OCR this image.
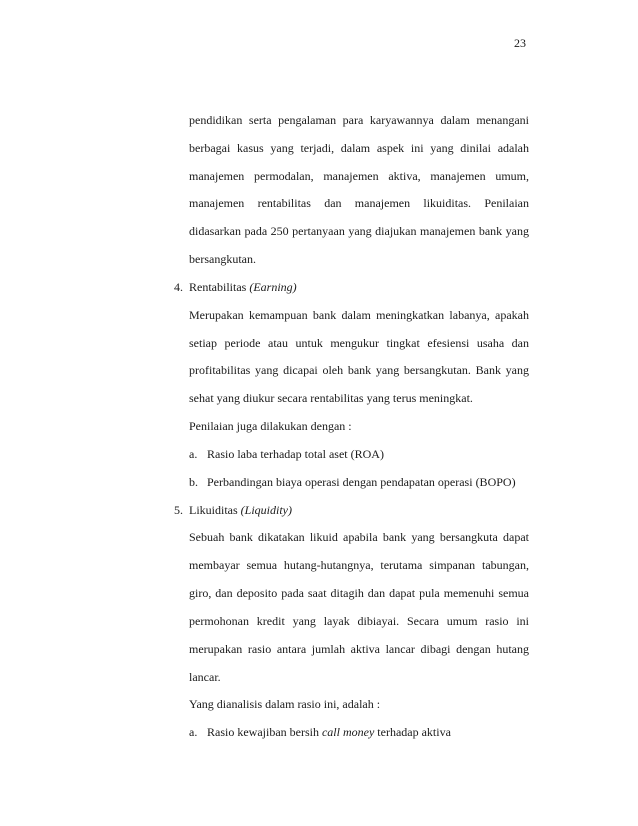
23
pendidikan serta pengalaman para karyawannya dalam menangani
berbagai kasus yang terjadi, dalam aspek ini yang dinilai adalah
manajemen permodalan, manajemen aktiva, manajemen umum,
manajemen rentabilitas dan manajemen likuiditas. Penilaian
didasarkan pada 250 pertanyaan yang diajukan manajemen bank yang
bersangkutan.
4. Rentabilitas (Earning)
Merupakan kemampuan bank dalam meningkatkan labanya, apakah
setiap periode atau untuk mengukur tingkat efesiensi usaha dan
profitabilitas yang dicapai oleh bank yang bersangkutan. Bank yang
sehat yang diukur secara rentabilitas yang terus meningkat.
Penilaian juga dilakukan dengan :
a. Rasio laba terhadap total aset (ROA)
b. Perbandingan biaya operasi dengan pendapatan operasi (BOPO)
5. Likuiditas (Liquidity)
Sebuah bank dikatakan likuid apabila bank yang bersangkuta dapat
membayar semua hutang-hutangnya, terutama simpanan tabungan,
giro, dan deposito pada saat ditagih dan dapat pula memenuhi semua
permohonan kredit yang layak dibiayai. Secara umum rasio ini
merupakan rasio antara jumlah aktiva lancar dibagi dengan hutang
lancar.
Yang dianalisis dalam rasio ini, adalah :
a. Rasio kewajiban bersih call money terhadap aktiva
